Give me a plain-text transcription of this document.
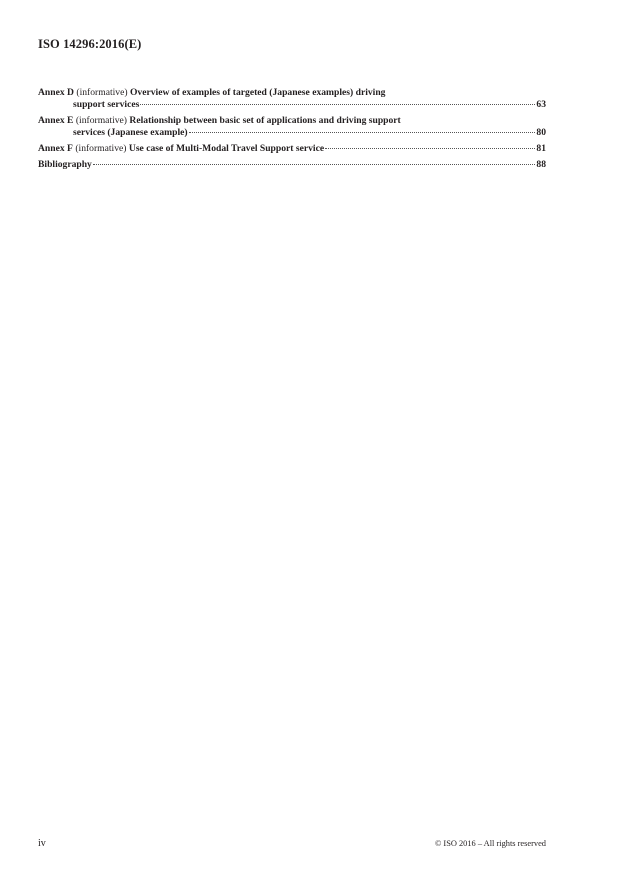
ISO 14296:2016(E)
Annex D
(informative)
Overview of examples of targeted (Japanese examples) driving
support services	63
Annex E
(informative)
Relationship between basic set of applications and driving support
services (Japanese example)	80
Annex F
(informative)
Use case of Multi-Modal Travel Support service	81
Bibliography	88
iv	© ISO 2016 – All rights reserved
